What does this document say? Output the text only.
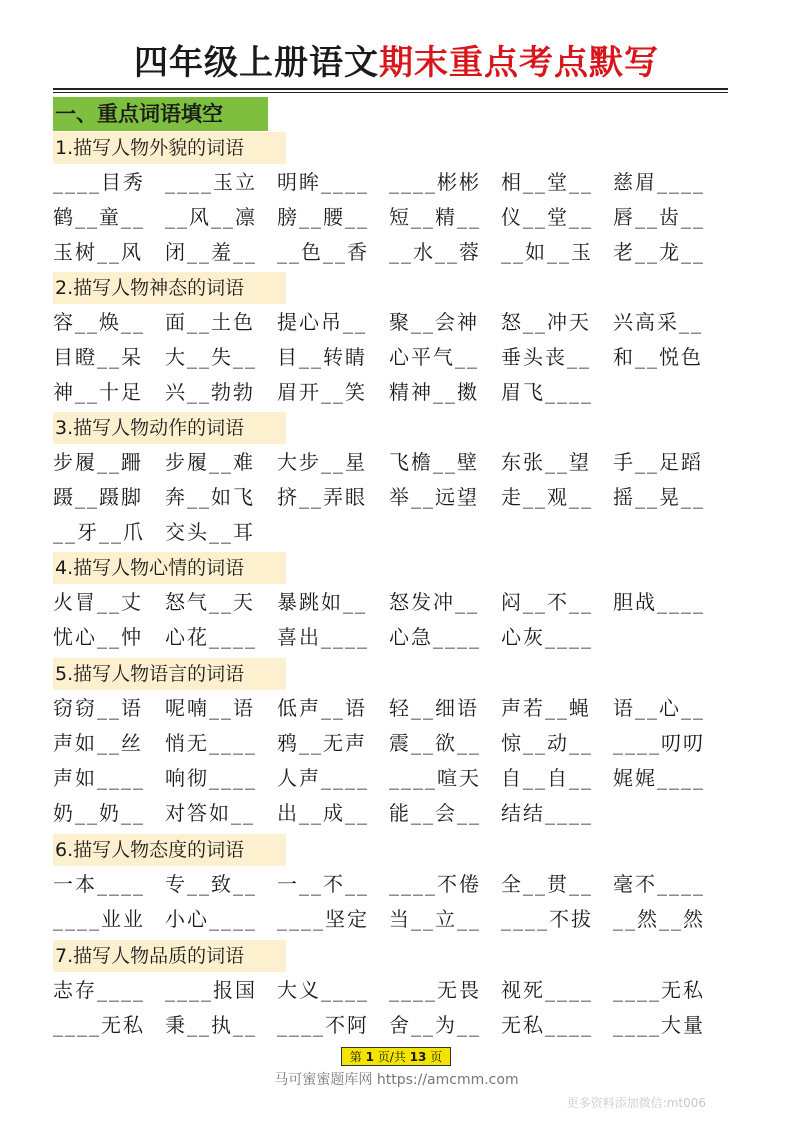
四年级上册语文期末重点考点默写
一、重点词语填空
1.描写人物外貌的词语
____目秀	____玉立	明眸____	____彬彬	相__堂__	慈眉____
鹤__童__	__风__凛	膀__腰__	短__精__	仪__堂__	唇__齿__
玉树__风	闭__羞__	__色__香	__水__蓉	__如__玉	老__龙__
2.描写人物神态的词语
容__焕__	面__土色	提心吊__	聚__会神	怒__冲天	兴高采__
目瞪__呆	大__失__	目__转睛	心平气__	垂头丧__	和__悦色
神__十足	兴__勃勃	眉开__笑	精神__擞	眉飞____
3.描写人物动作的词语
步履__跚	步履__难	大步__星	飞檐__壁	东张__望	手__足蹈
蹑__蹑脚	奔__如飞	挤__弄眼	举__远望	走__观__	摇__晃__
__牙__爪	交头__耳
4.描写人物心情的词语
火冒__丈	怒气__天	暴跳如__	怒发冲__	闷__不__	胆战____
忧心__忡	心花____	喜出____	心急____	心灰____
5.描写人物语言的词语
窃窃__语	呢喃__语	低声__语	轻__细语	声若__蝇	语__心__
声如__丝	悄无____	鸦__无声	震__欲__	惊__动__	____叨叨
声如____	响彻____	人声____	____喧天	自__自__	娓娓____
奶__奶__	对答如__	出__成__	能__会__	结结____
6.描写人物态度的词语
一本____	专__致__	一__不__	____不倦	全__贯__	毫不____
____业业	小心____	____坚定	当__立__	____不拔	__然__然
7.描写人物品质的词语
志存____	____报国	大义____	____无畏	视死____	____无私
____无私	秉__执__	____不阿	舍__为__	无私____	____大量
第 1 页/共 13 页
马可蜜蜜题库网 https://amcmm.com
更多资料添加微信:mt006
